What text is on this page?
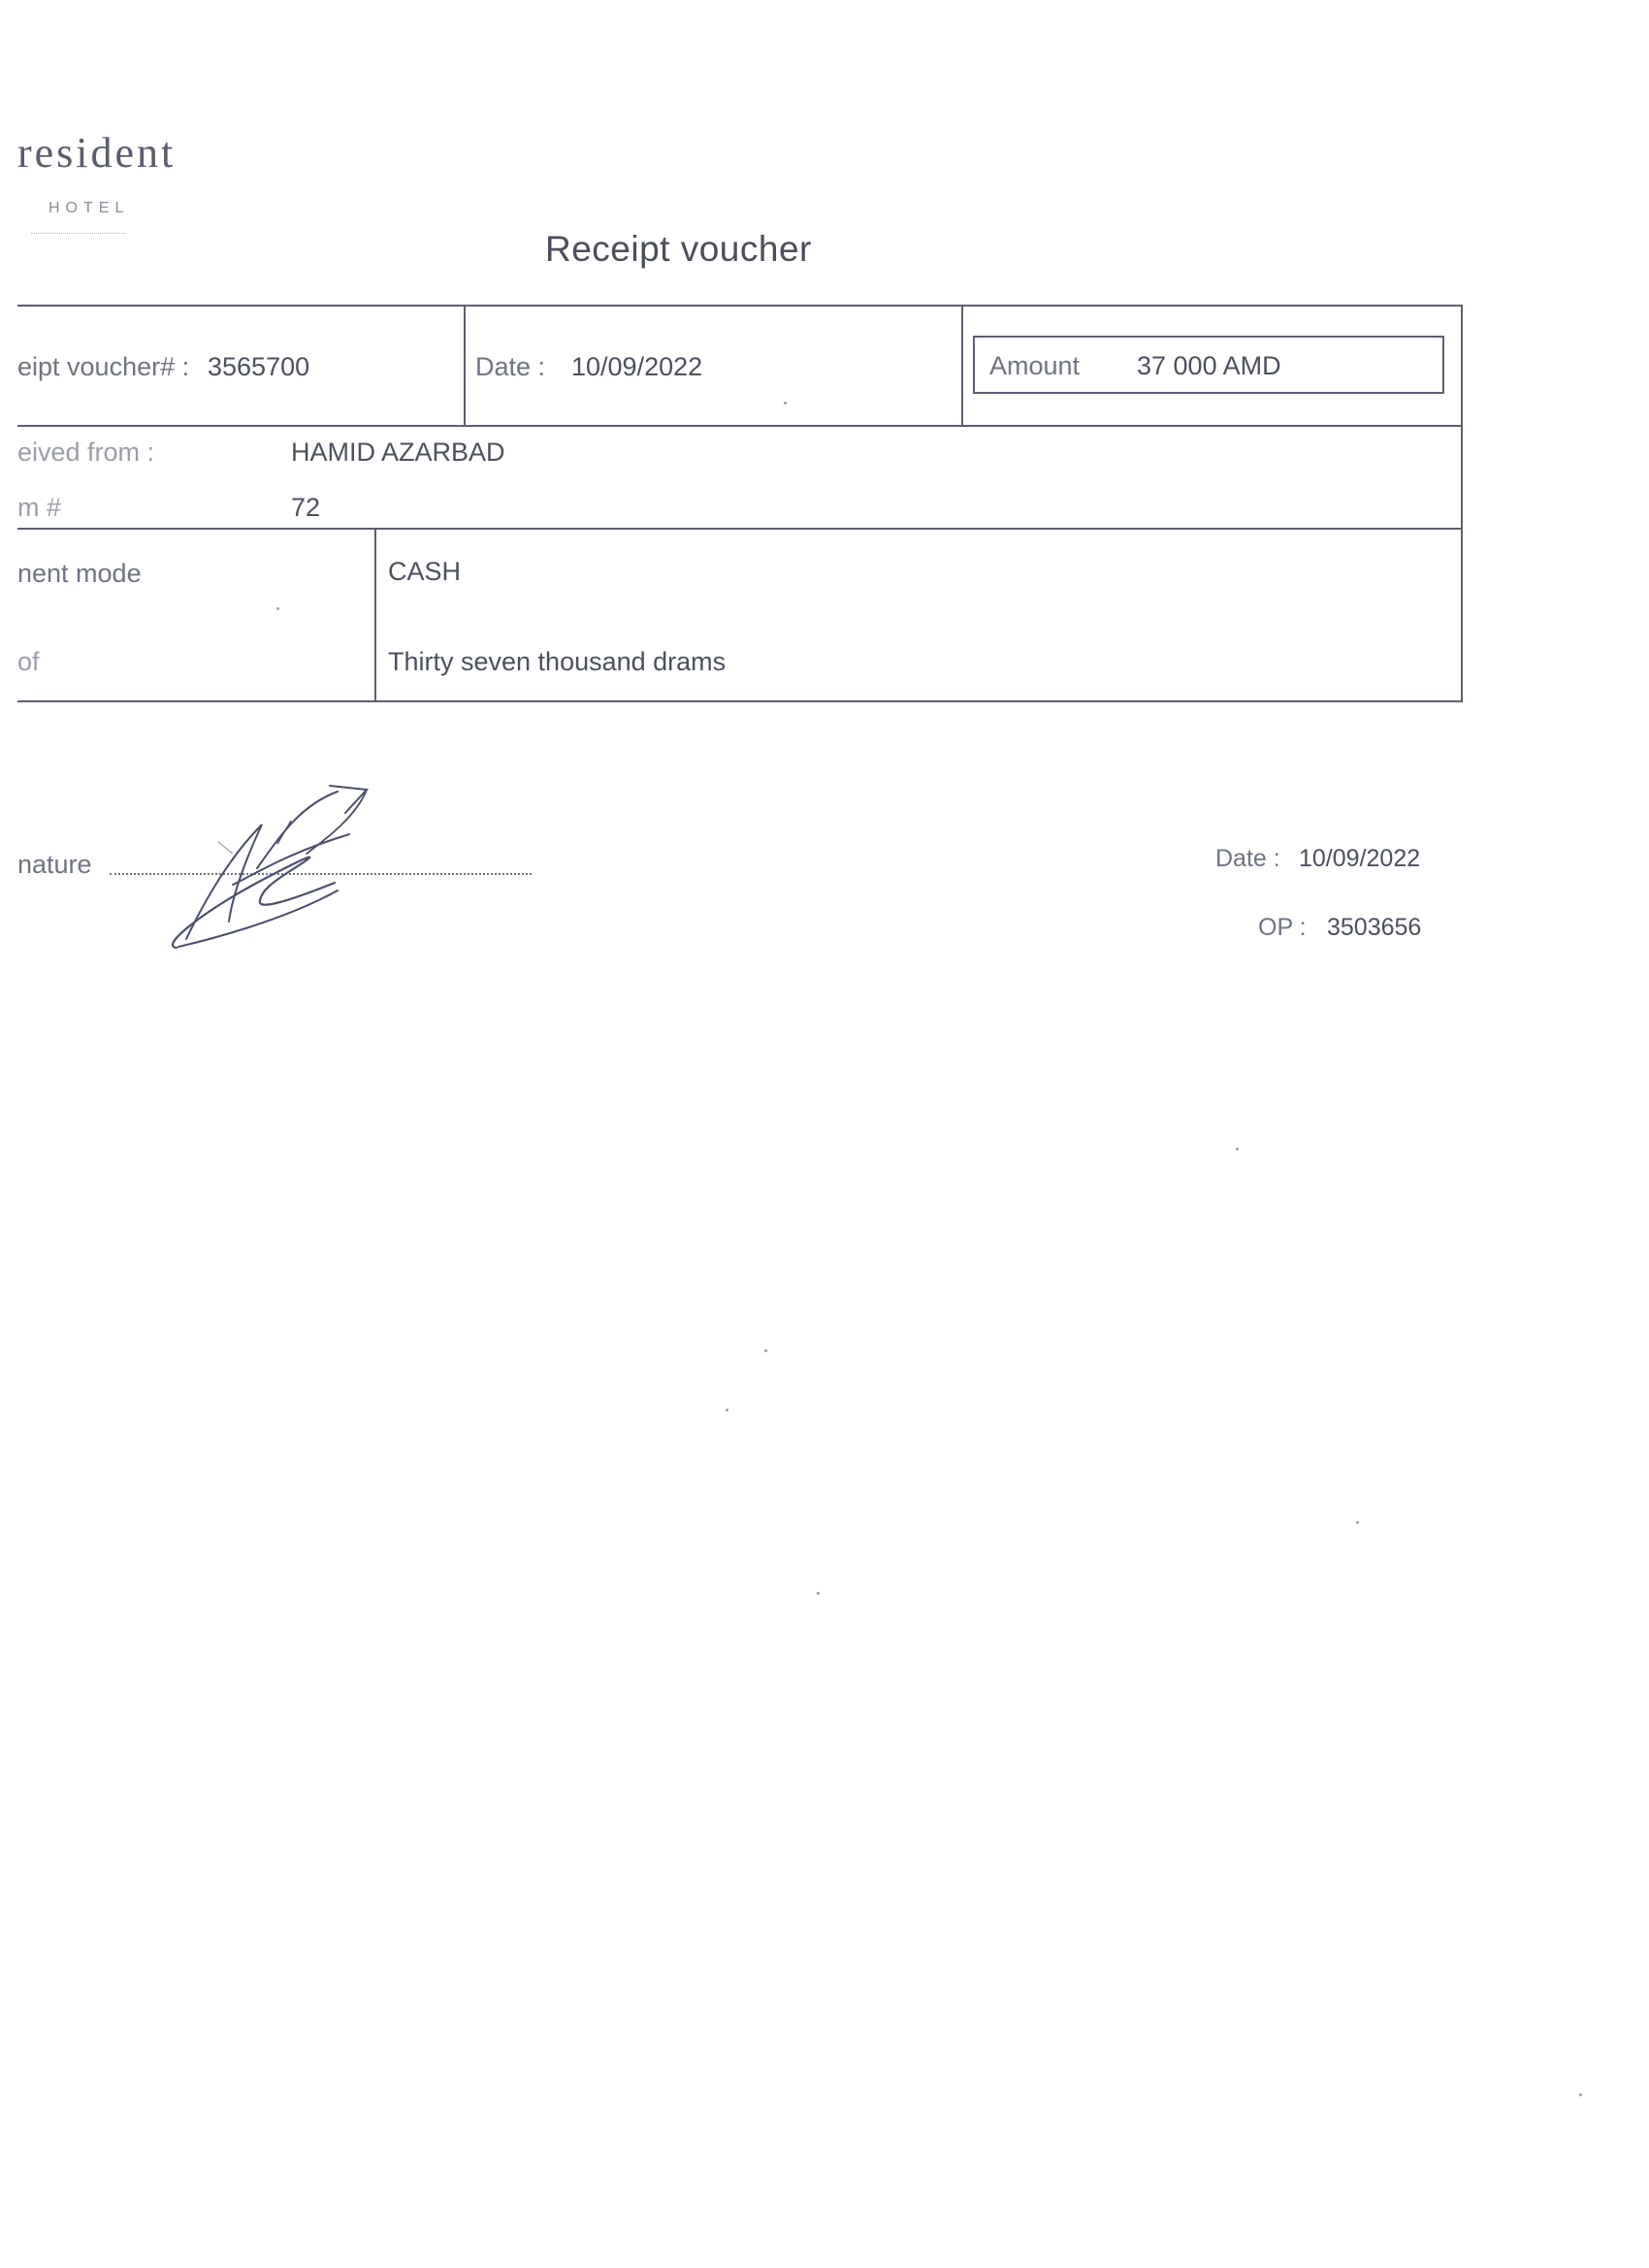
resident
HOTEL
Receipt voucher
eipt voucher# : 3565700	Date : 10/09/2022	Amount 37 000 AMD
eived from :	HAMID AZARBAD
m #	72
nent mode	CASH
of	Thirty seven thousand drams
nature	Date : 10/09/2022
OP : 3503656
